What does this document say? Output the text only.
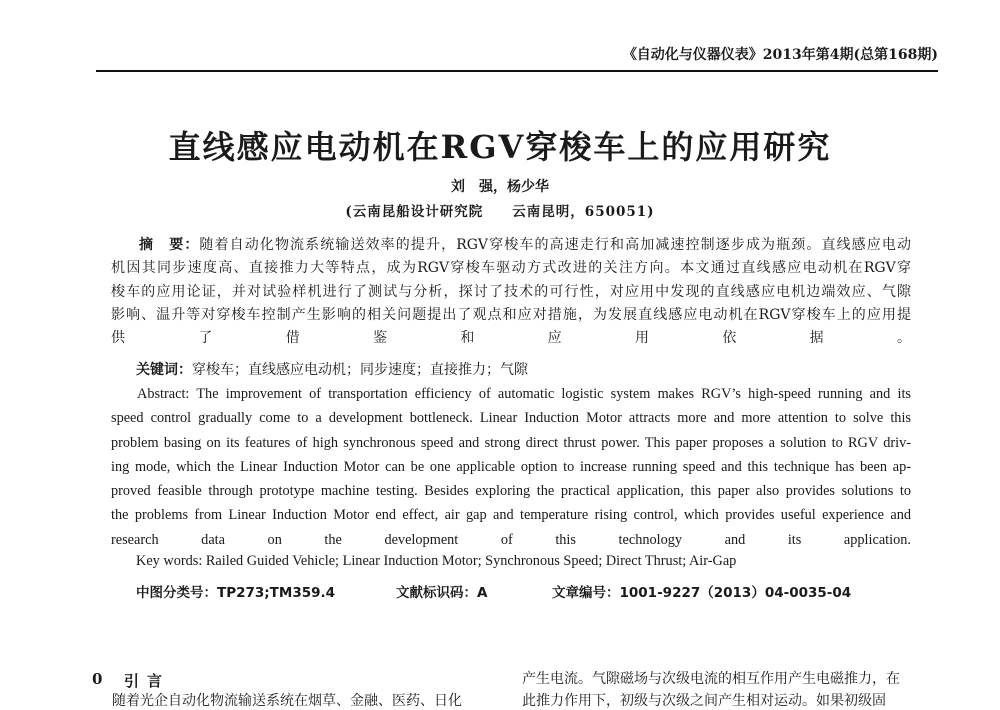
《自动化与仪器仪表》2013年第4期(总第168期)
直线感应电动机在RGV穿梭车上的应用研究
刘　强，杨少华
(云南昆船设计研究院　　云南昆明，650051)
摘　要：随着自动化物流系统输送效率的提升，RGV穿梭车的高速走行和高加减速控制逐步成为瓶颈。直线感应电动
机因其同步速度高、直接推力大等特点，成为RGV穿梭车驱动方式改进的关注方向。本文通过直线感应电动机在RGV穿
梭车的应用论证，并对试验样机进行了测试与分析，探讨了技术的可行性，对应用中发现的直线感应电机边端效应、气隙
影响、温升等对穿梭车控制产生影响的相关问题提出了观点和应对措施，为发展直线感应电动机在RGV穿梭车上的应用提
供了借鉴和应用依据。
关键词：穿梭车；直线感应电动机；同步速度；直接推力；气隙
Abstract: The improvement of transportation efficiency of automatic logistic system makes RGV’s high-speed running and its
speed control gradually come to a development bottleneck. Linear Induction Motor attracts more and more attention to solve this
problem basing on its features of high synchronous speed and strong direct thrust power. This paper proposes a solution to RGV driv-
ing mode, which the Linear Induction Motor can be one applicable option to increase running speed and this technique has been ap-
proved feasible through prototype machine testing. Besides exploring the practical application, this paper also provides solutions to
the problems from Linear Induction Motor end effect, air gap and temperature rising control, which provides useful experience and
research data on the development of this technology and its application.
Key words: Railed Guided Vehicle; Linear Induction Motor; Synchronous Speed; Direct Thrust; Air-Gap
中图分类号：TP273;TM359.4	文献标识码：A	文章编号：1001-9227（2013）04-0035-04
0 引言
随着光企自动化物流输送系统在烟草、金融、医药、日化
产生电流。气隙磁场与次级电流的相互作用产生电磁推力，在
此推力作用下，初级与次级之间产生相对运动。如果初级固
